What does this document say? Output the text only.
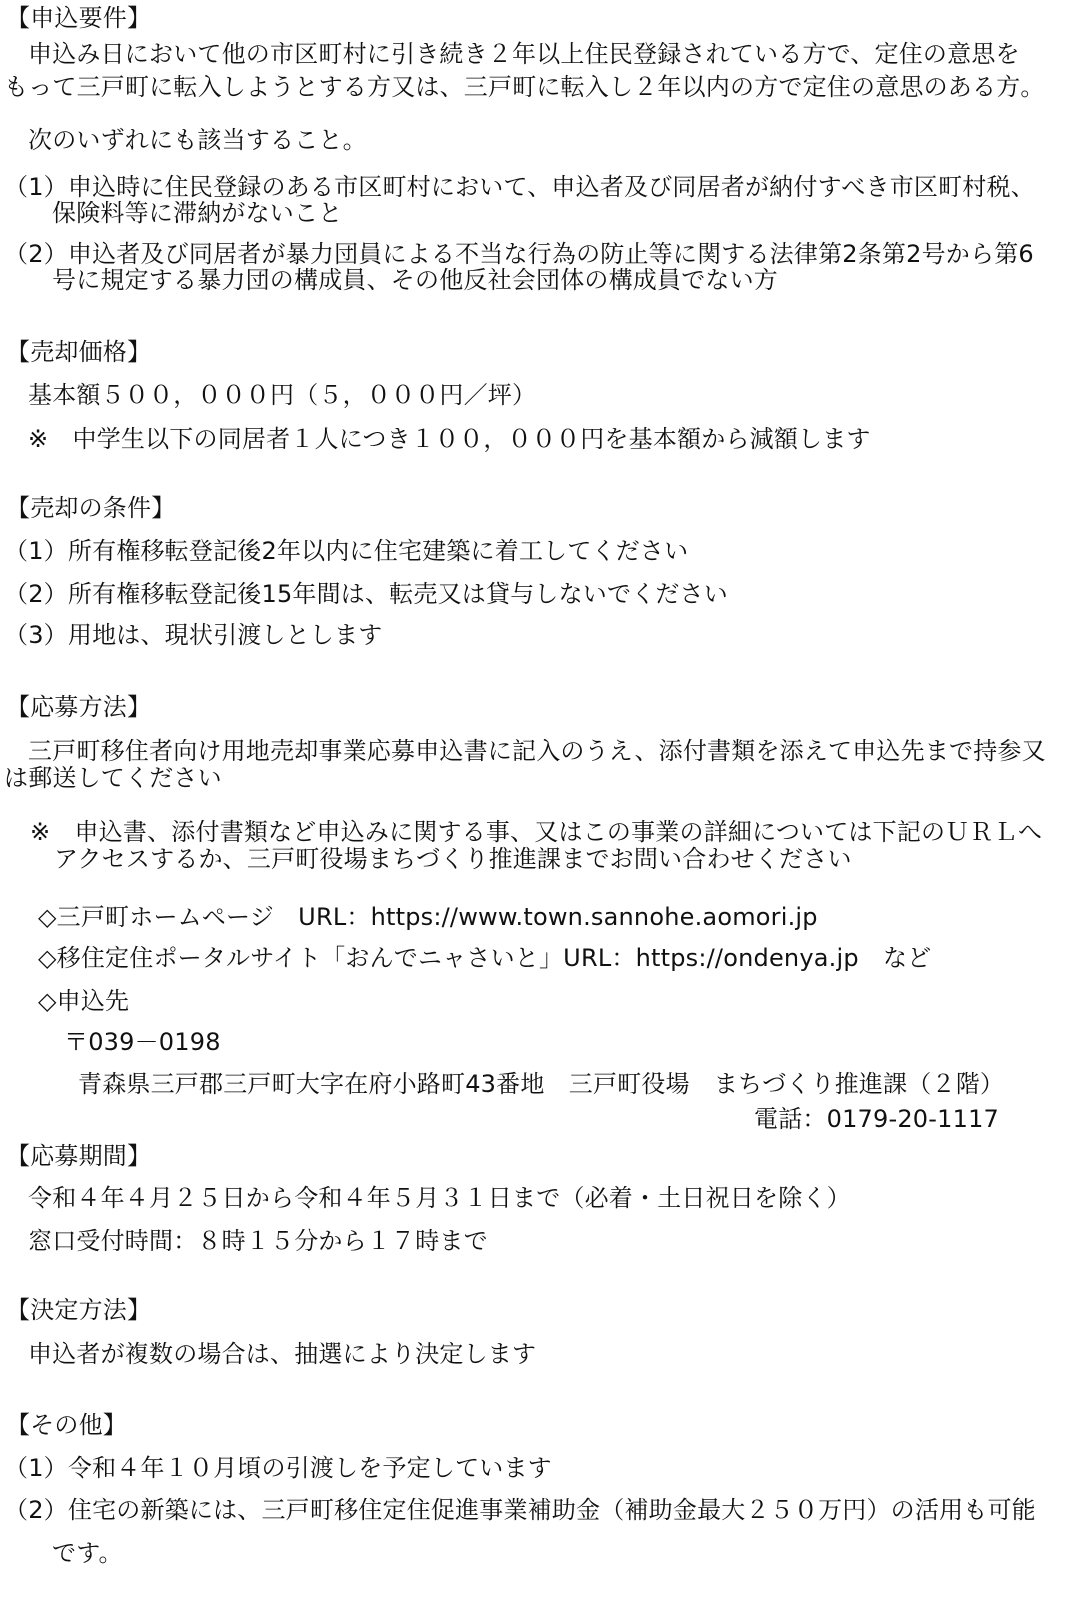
【申込要件】
申込み日において他の市区町村に引き続き２年以上住民登録されている方で、定住の意思を
もって三戸町に転入しようとする方又は、三戸町に転入し２年以内の方で定住の意思のある方。
次のいずれにも該当すること。
（1）申込時に住民登録のある市区町村において、申込者及び同居者が納付すべき市区町村税、
保険料等に滞納がないこと
（2）申込者及び同居者が暴力団員による不当な行為の防止等に関する法律第2条第2号から第6
号に規定する暴力団の構成員、その他反社会団体の構成員でない方
【売却価格】
基本額５００，０００円（５，０００円／坪）
※　中学生以下の同居者１人につき１００，０００円を基本額から減額します
【売却の条件】
（1）所有権移転登記後2年以内に住宅建築に着工してください
（2）所有権移転登記後15年間は、転売又は貸与しないでください
（3）用地は、現状引渡しとします
【応募方法】
三戸町移住者向け用地売却事業応募申込書に記入のうえ、添付書類を添えて申込先まで持参又
は郵送してください
※　申込書、添付書類など申込みに関する事、又はこの事業の詳細については下記のＵＲＬへ
アクセスするか、三戸町役場まちづくり推進課までお問い合わせください
◇三戸町ホームページ　URL：https://www.town.sannohe.aomori.jp
◇移住定住ポータルサイト「おんでニャさいと」URL：https://ondenya.jp　など
◇申込先
〒039－0198
青森県三戸郡三戸町大字在府小路町43番地　三戸町役場　まちづくり推進課（２階）
電話：0179-20-1117
【応募期間】
令和４年４月２５日から令和４年５月３１日まで（必着・土日祝日を除く）
窓口受付時間：８時１５分から１７時まで
【決定方法】
申込者が複数の場合は、抽選により決定します
【その他】
（1）令和４年１０月頃の引渡しを予定しています
（2）住宅の新築には、三戸町移住定住促進事業補助金（補助金最大２５０万円）の活用も可能
です。
